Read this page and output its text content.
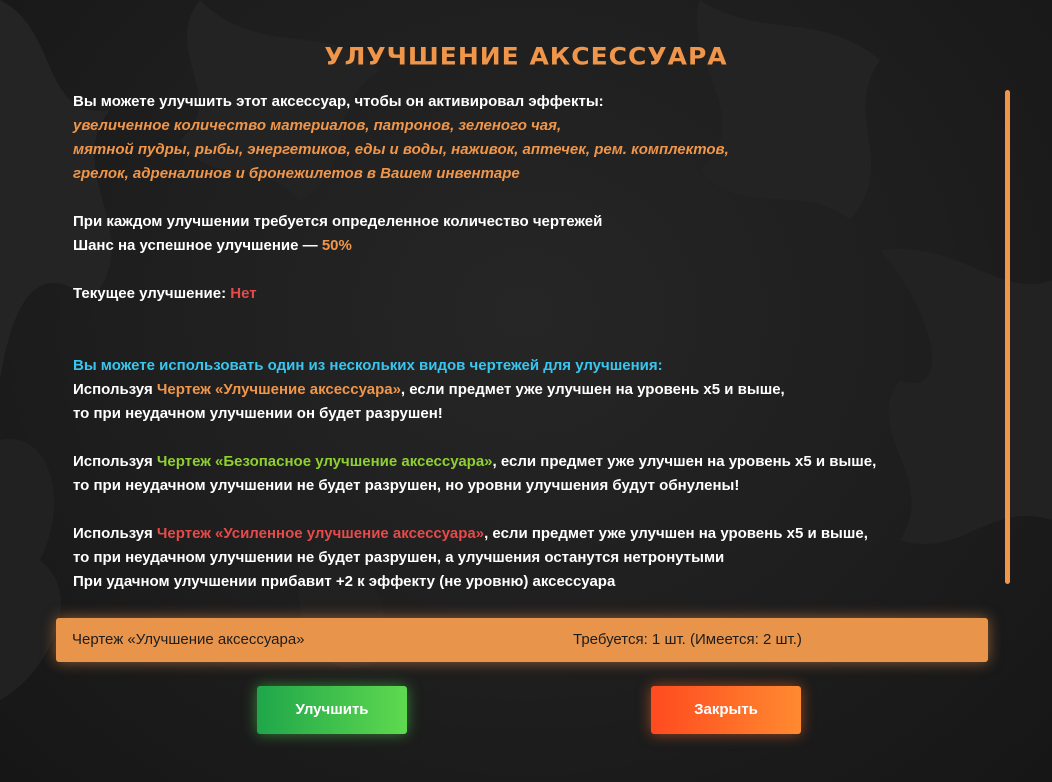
УЛУЧШЕНИЕ АКСЕССУАРА
Вы можете улучшить этот аксессуар, чтобы он активировал эффекты:
увеличенное количество материалов, патронов, зеленого чая,
мятной пудры, рыбы, энергетиков, еды и воды, наживок, аптечек, рем. комплектов,
грелок, адреналинов и бронежилетов в Вашем инвентаре
При каждом улучшении требуется определенное количество чертежей
Шанс на успешное улучшение — 50%
Текущее улучшение: Нет
Вы можете использовать один из нескольких видов чертежей для улучшения:
Используя Чертеж «Улучшение аксессуара», если предмет уже улучшен на уровень х5 и выше,
то при неудачном улучшении он будет разрушен!
Используя Чертеж «Безопасное улучшение аксессуара», если предмет уже улучшен на уровень х5 и выше,
то при неудачном улучшении не будет разрушен, но уровни улучшения будут обнулены!
Используя Чертеж «Усиленное улучшение аксессуара», если предмет уже улучшен на уровень х5 и выше,
то при неудачном улучшении не будет разрушен, а улучшения останутся нетронутыми
При удачном улучшении прибавит +2 к эффекту (не уровню) аксессуара
Чертеж «Улучшение аксессуара»	Требуется: 1 шт. (Имеется: 2 шт.)
Улучшить	Закрыть
